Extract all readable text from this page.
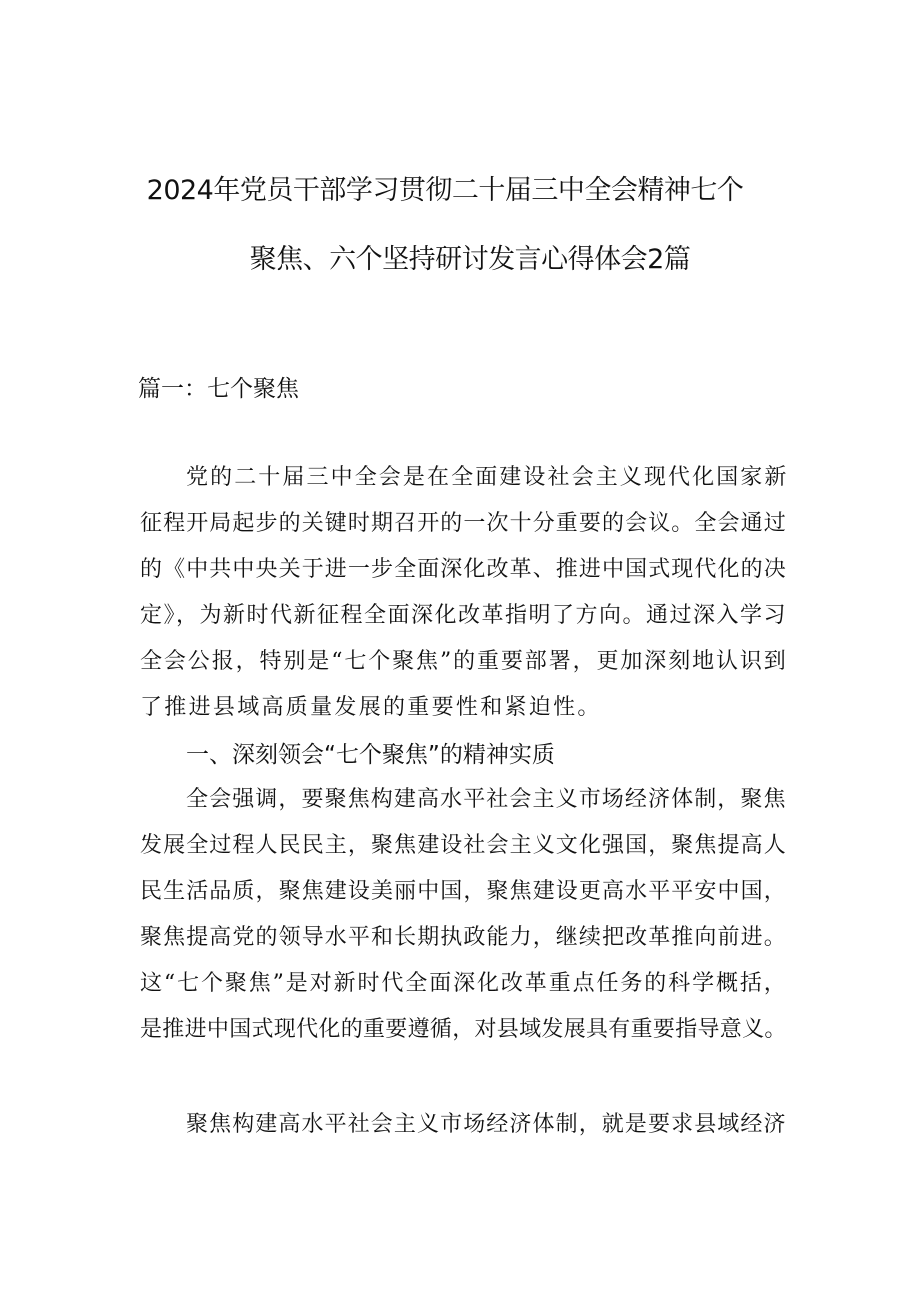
2024年党员干部学习贯彻二十届三中全会精神七个
聚焦、六个坚持研讨发言心得体会2篇
篇一：七个聚焦
党的二十届三中全会是在全面建设社会主义现代化国家新
征程开局起步的关键时期召开的一次十分重要的会议。全会通过
的《中共中央关于进一步全面深化改革、推进中国式现代化的决
定》，为新时代新征程全面深化改革指明了方向。通过深入学习
全会公报，特别是“七个聚焦”的重要部署，更加深刻地认识到
了推进县域高质量发展的重要性和紧迫性。
一、深刻领会“七个聚焦”的精神实质
全会强调，要聚焦构建高水平社会主义市场经济体制，聚焦
发展全过程人民民主，聚焦建设社会主义文化强国，聚焦提高人
民生活品质，聚焦建设美丽中国，聚焦建设更高水平平安中国，
聚焦提高党的领导水平和长期执政能力，继续把改革推向前进。
这“七个聚焦”是对新时代全面深化改革重点任务的科学概括，
是推进中国式现代化的重要遵循，对县域发展具有重要指导意义。
聚焦构建高水平社会主义市场经济体制，就是要求县域经济
